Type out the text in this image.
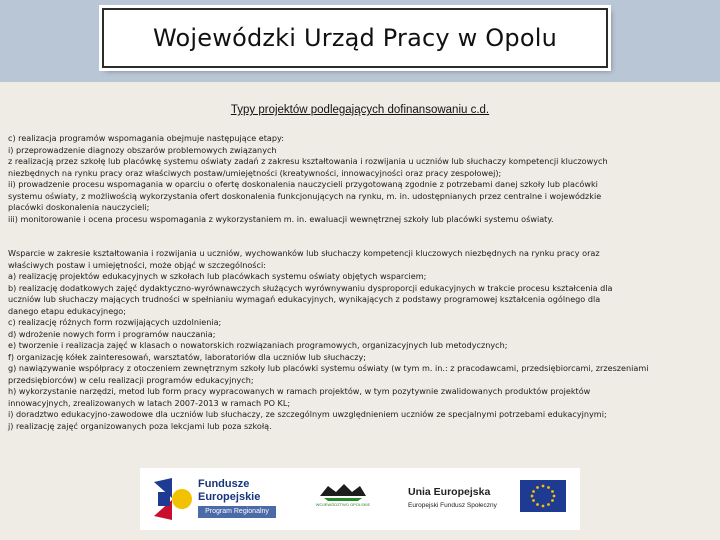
Wojewódzki Urząd Pracy w Opolu
Typy projektów podlegających dofinansowaniu c.d.
c) realizacja programów wspomagania obejmuje następujące etapy:
i) przeprowadzenie diagnozy obszarów problemowych związanych
z realizacją przez szkołę lub placówkę systemu oświaty zadań z zakresu kształtowania i rozwijania u uczniów lub słuchaczy kompetencji kluczowych
niezbędnych na rynku pracy oraz właściwych postaw/umiejętności (kreatywności, innowacyjności oraz pracy zespołowej);
ii) prowadzenie procesu wspomagania w oparciu o ofertę doskonalenia nauczycieli przygotowaną zgodnie z potrzebami danej szkoły lub placówki
systemu oświaty, z możliwością wykorzystania ofert doskonalenia funkcjonujących na rynku, m. in. udostępnianych przez centralne i wojewódzkie
placówki doskonalenia nauczycieli;
iii) monitorowanie i ocena procesu wspomagania z wykorzystaniem m. in. ewaluacji wewnętrznej szkoły lub placówki systemu oświaty.
Wsparcie w zakresie kształtowania i rozwijania u uczniów, wychowanków lub słuchaczy kompetencji kluczowych niezbędnych na rynku pracy oraz
właściwych postaw i umiejętności, może objąć w szczególności:
a) realizację projektów edukacyjnych w szkołach lub placówkach systemu oświaty objętych wsparciem;
b) realizację dodatkowych zajęć dydaktyczno-wyrównawczych służących wyrównywaniu dysproporcji edukacyjnych w trakcie procesu kształcenia dla
uczniów lub słuchaczy mających trudności w spełnianiu wymagań edukacyjnych, wynikających z podstawy programowej kształcenia ogólnego dla
danego etapu edukacyjnego;
c) realizację różnych form rozwijających uzdolnienia;
d) wdrożenie nowych form i programów nauczania;
e) tworzenie i realizacja zajęć w klasach o nowatorskich rozwiązaniach programowych, organizacyjnych lub metodycznych;
f) organizację kółek zainteresowań, warsztatów, laboratoriów dla uczniów lub słuchaczy;
g) nawiązywanie współpracy z otoczeniem zewnętrznym szkoły lub placówki systemu oświaty (w tym m. in.: z pracodawcami, przedsiębiorcami, zrzeszeniami
przedsiębiorców) w celu realizacji programów edukacyjnych;
h) wykorzystanie narzędzi, metod lub form pracy wypracowanych w ramach projektów, w tym pozytywnie zwalidowanych produktów projektów
innowacyjnych, zrealizowanych w latach 2007-2013 w ramach PO KL;
i) doradztwo edukacyjno-zawodowe dla uczniów lub słuchaczy, ze szczególnym uwzględnieniem uczniów ze specjalnymi potrzebami edukacyjnymi;
j) realizację zajęć organizowanych poza lekcjami lub poza szkołą.
Fundusze
Europejskie
Program Regionalny
WOJEWÓDZTWO OPOLSKIE
Unia Europejska
Europejski Fundusz Społeczny
